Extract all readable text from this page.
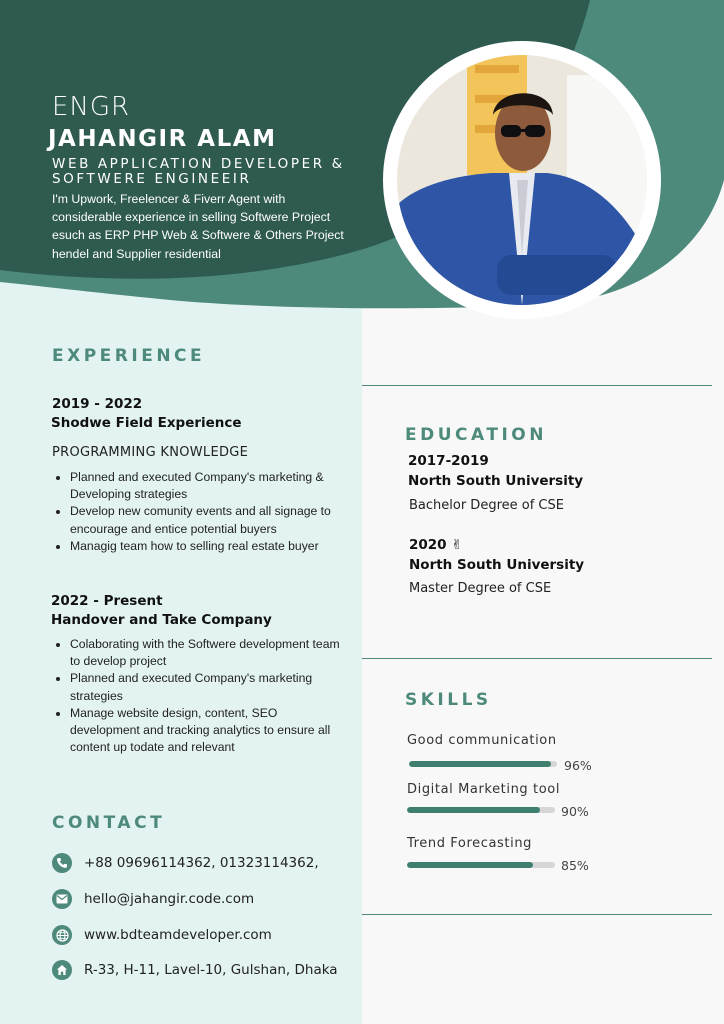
ENGR
JAHANGIR ALAM
WEB APPLICATION DEVELOPER & SOFTWERE ENGINEEIR
I'm Upwork, Freelencer & Fiverr Agent with considerable experience in selling Softwere Project esuch as ERP PHP Web & Softwere & Others Project hendel and Supplier residential
EXPERIENCE
2019 - 2022
Shodwe Field Experience
PROGRAMMING KNOWLEDGE
• Planned and executed Company's marketing & Developing strategies
• Develop new comunity events and all signage to encourage and entice potential buyers
• Managig team how to selling real estate buyer
2022 - Present
Handover and Take Company
• Colaborating with the Softwere development team to develop project
• Planned and executed Company's marketing strategies
• Manage website design, content, SEO development and tracking analytics to ensure all content up todate and relevant
CONTACT
+88 09696114362, 01323114362,
hello@jahangir.code.com
www.bdteamdeveloper.com
R-33, H-11, Lavel-10, Gulshan, Dhaka
EDUCATION
2017-2019
North South University
Bachelor Degree of CSE
2020 ✌
North South University
Master Degree of CSE
SKILLS
Good communication
96%
Digital Marketing tool
90%
Trend Forecasting
85%
